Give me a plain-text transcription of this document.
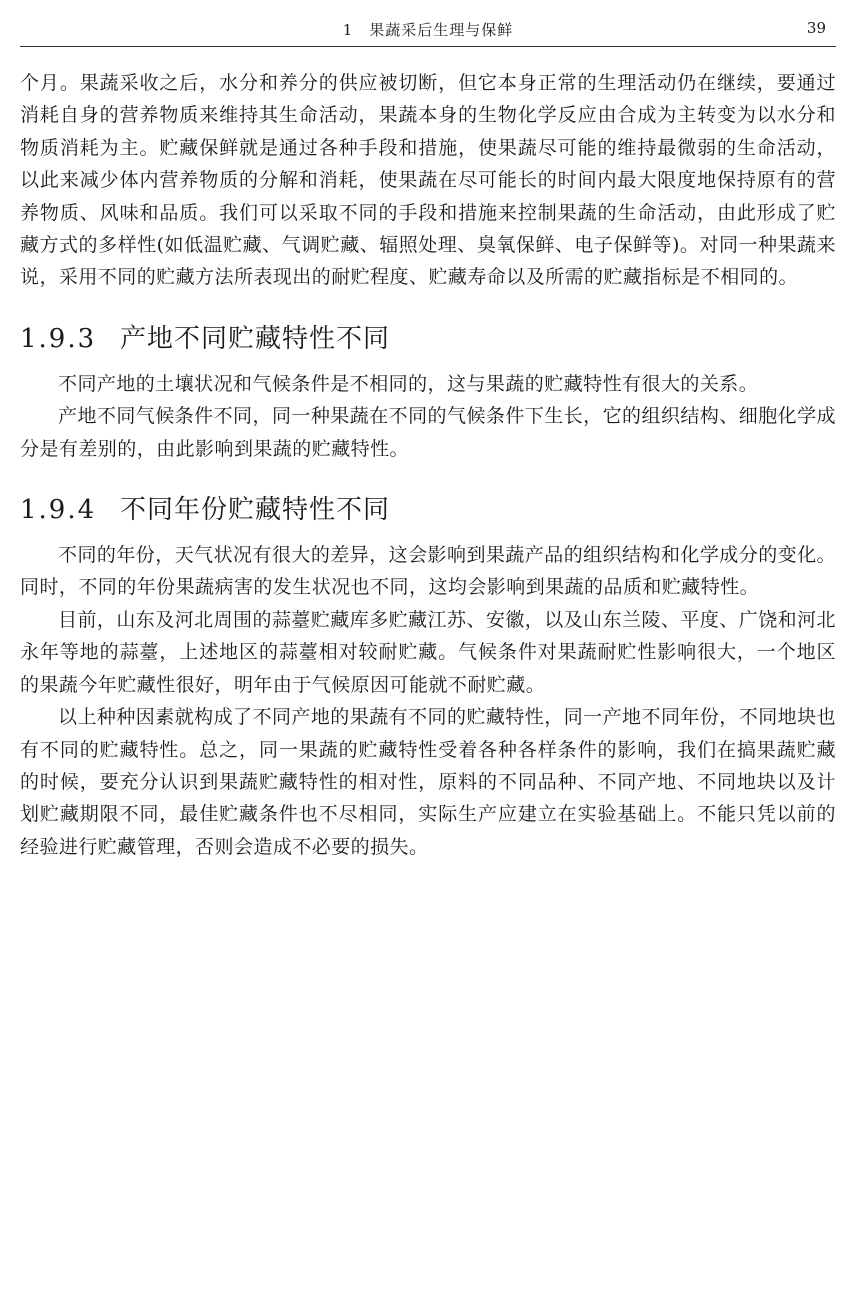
1 果蔬采后生理与保鲜	39

个月。果蔬采收之后，水分和养分的供应被切断，但它本身正常的生理活动仍在继续，要通过消耗自身的营养物质来维持其生命活动，果蔬本身的生物化学反应由合成为主转变为以水分和物质消耗为主。贮藏保鲜就是通过各种手段和措施，使果蔬尽可能的维持最微弱的生命活动，以此来减少体内营养物质的分解和消耗，使果蔬在尽可能长的时间内最大限度地保持原有的营养物质、风味和品质。我们可以采取不同的手段和措施来控制果蔬的生命活动，由此形成了贮藏方式的多样性(如低温贮藏、气调贮藏、辐照处理、臭氧保鲜、电子保鲜等)。对同一种果蔬来说，采用不同的贮藏方法所表现出的耐贮程度、贮藏寿命以及所需的贮藏指标是不相同的。

1.9.3 产地不同贮藏特性不同

不同产地的土壤状况和气候条件是不相同的，这与果蔬的贮藏特性有很大的关系。

产地不同气候条件不同，同一种果蔬在不同的气候条件下生长，它的组织结构、细胞化学成分是有差别的，由此影响到果蔬的贮藏特性。

1.9.4 不同年份贮藏特性不同

不同的年份，天气状况有很大的差异，这会影响到果蔬产品的组织结构和化学成分的变化。同时，不同的年份果蔬病害的发生状况也不同，这均会影响到果蔬的品质和贮藏特性。

目前，山东及河北周围的蒜薹贮藏库多贮藏江苏、安徽，以及山东兰陵、平度、广饶和河北永年等地的蒜薹，上述地区的蒜薹相对较耐贮藏。气候条件对果蔬耐贮性影响很大，一个地区的果蔬今年贮藏性很好，明年由于气候原因可能就不耐贮藏。

以上种种因素就构成了不同产地的果蔬有不同的贮藏特性，同一产地不同年份，不同地块也有不同的贮藏特性。总之，同一果蔬的贮藏特性受着各种各样条件的影响，我们在搞果蔬贮藏的时候，要充分认识到果蔬贮藏特性的相对性，原料的不同品种、不同产地、不同地块以及计划贮藏期限不同，最佳贮藏条件也不尽相同，实际生产应建立在实验基础上。不能只凭以前的经验进行贮藏管理，否则会造成不必要的损失。
